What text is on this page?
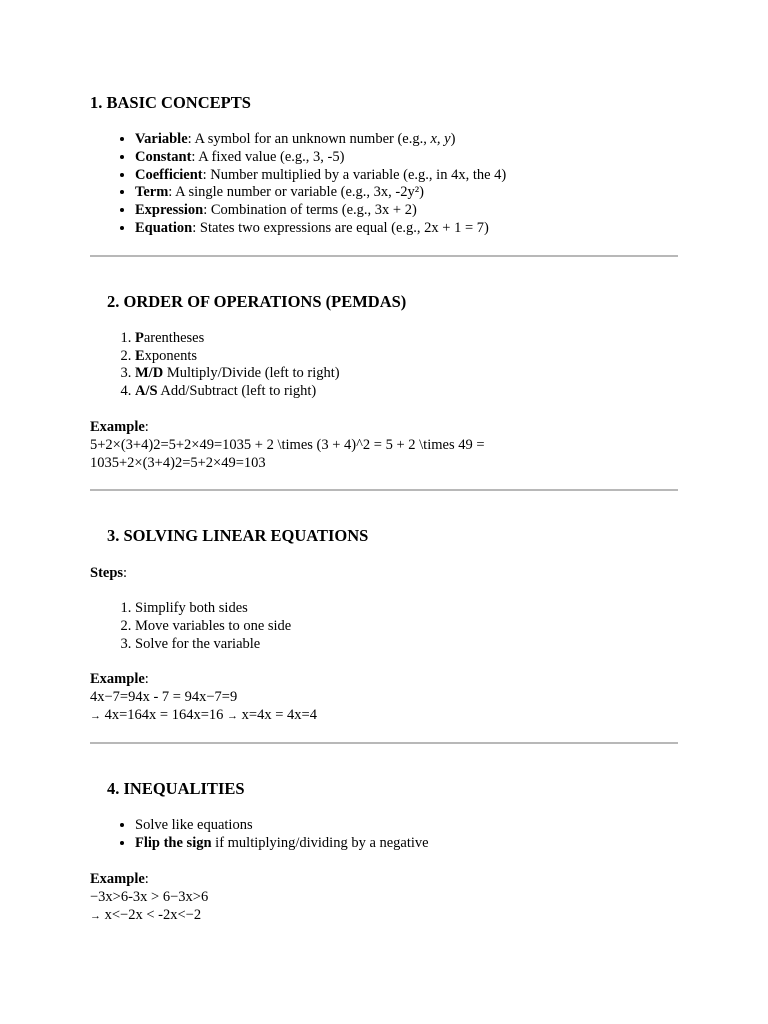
1. BASIC CONCEPTS
• Variable: A symbol for an unknown number (e.g., x, y)
• Constant: A fixed value (e.g., 3, -5)
• Coefficient: Number multiplied by a variable (e.g., in 4x, the 4)
• Term: A single number or variable (e.g., 3x, -2y²)
• Expression: Combination of terms (e.g., 3x + 2)
• Equation: States two expressions are equal (e.g., 2x + 1 = 7)
2. ORDER OF OPERATIONS (PEMDAS)
1. Parentheses
2. Exponents
3. M/D Multiply/Divide (left to right)
4. A/S Add/Subtract (left to right)

Example:
5+2×(3+4)2=5+2×49=1035 + 2 \times (3 + 4)^2 = 5 + 2 \times 49 =
1035+2×(3+4)2=5+2×49=103

3. SOLVING LINEAR EQUATIONS

Steps:

1. Simplify both sides
2. Move variables to one side
3. Solve for the variable

Example:
4x−7=94x - 7 = 94x−7=9
→ 4x=164x = 164x=16 → x=4x = 4x=4

4. INEQUALITIES
• Solve like equations
• Flip the sign if multiplying/dividing by a negative

Example:
−3x>6-3x > 6−3x>6
→ x<−2x < -2x<−2
